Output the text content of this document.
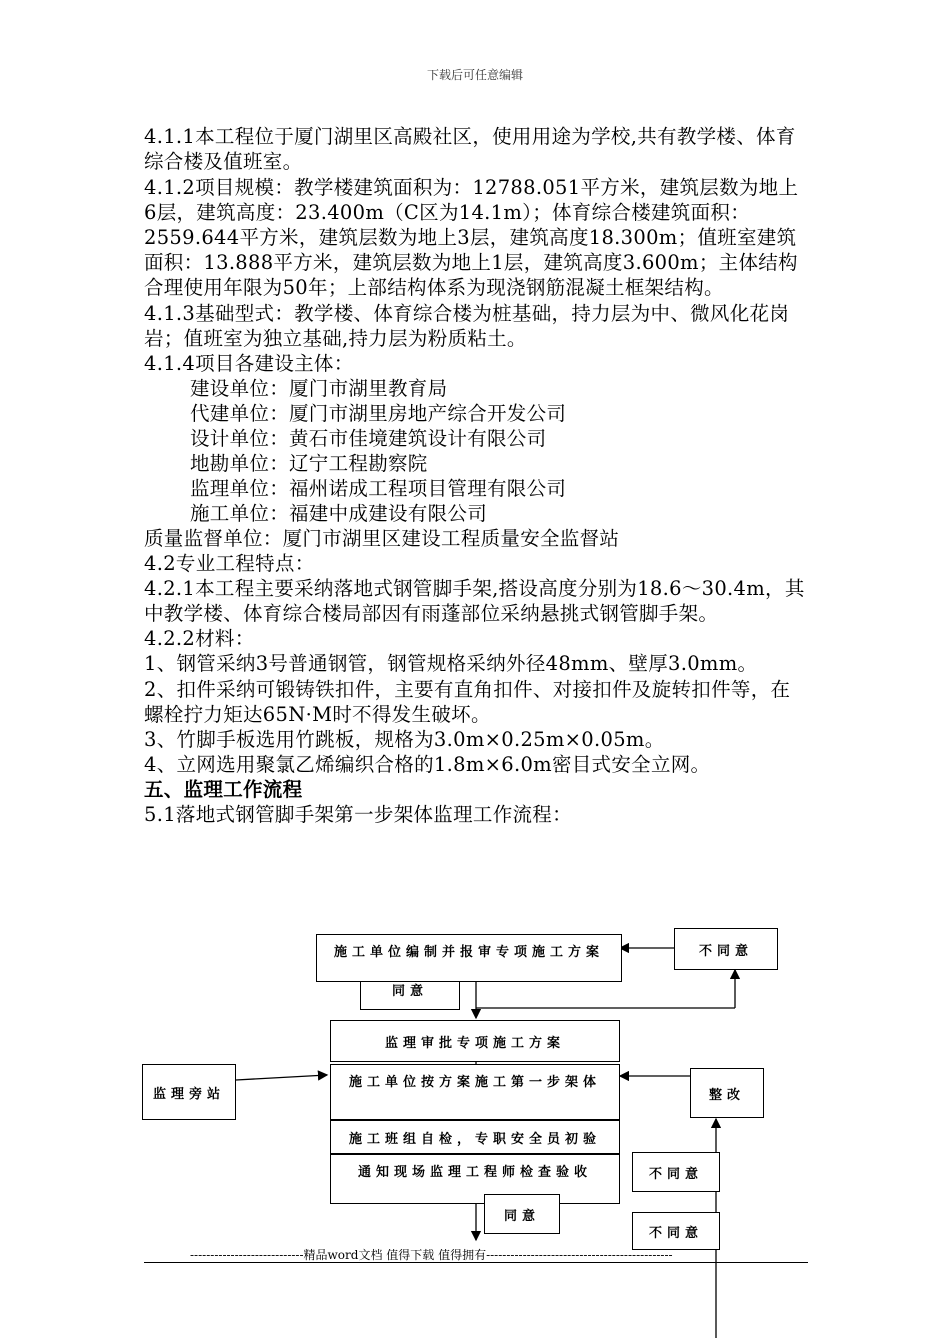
下载后可任意编辑

4.1.1本工程位于厦门湖里区高殿社区，使用用途为学校,共有教学楼、体育综合楼及值班室。

4.1.2项目规模：教学楼建筑面积为：12788.051平方米，建筑层数为地上6层，建筑高度：23.400m（C区为14.1m）；体育综合楼建筑面积：2559.644平方米，建筑层数为地上3层，建筑高度18.300m；值班室建筑面积：13.888平方米，建筑层数为地上1层，建筑高度3.600m；主体结构合理使用年限为50年；上部结构体系为现浇钢筋混凝土框架结构。

4.1.3基础型式：教学楼、体育综合楼为桩基础，持力层为中、微风化花岗岩；值班室为独立基础,持力层为粉质粘土。

4.1.4项目各建设主体：

建设单位：厦门市湖里教育局

代建单位：厦门市湖里房地产综合开发公司

设计单位：黄石市佳境建筑设计有限公司

地勘单位：辽宁工程勘察院

监理单位：福州诺成工程项目管理有限公司

施工单位：福建中成建设有限公司

质量监督单位：厦门市湖里区建设工程质量安全监督站

4.2专业工程特点：

4.2.1本工程主要采纳落地式钢管脚手架,搭设高度分别为18.6～30.4m，其中教学楼、体育综合楼局部因有雨蓬部位采纳悬挑式钢管脚手架。

4.2.2材料：

1、钢管采纳3号普通钢管，钢管规格采纳外径48mm、壁厚3.0mm。

2、扣件采纳可锻铸铁扣件，主要有直角扣件、对接扣件及旋转扣件等，在螺栓拧力矩达65N·M时不得发生破坏。

3、竹脚手板选用竹跳板，规格为3.0m×0.25m×0.05m。

4、立网选用聚氯乙烯编织合格的1.8m×6.0m密目式安全立网。

五、监理工作流程

5.1落地式钢管脚手架第一步架体监理工作流程：

施工单位编制并报审专项施工方案	不同意
同意
监理审批专项施工方案
监理旁站
施工单位按方案施工第一步架体
整改
施工班组自检，专职安全员初验
通知现场监理工程师检查验收	不同意
同意
不同意
----------------------------精品word文档 值得下载 值得拥有----------------------------------------------
